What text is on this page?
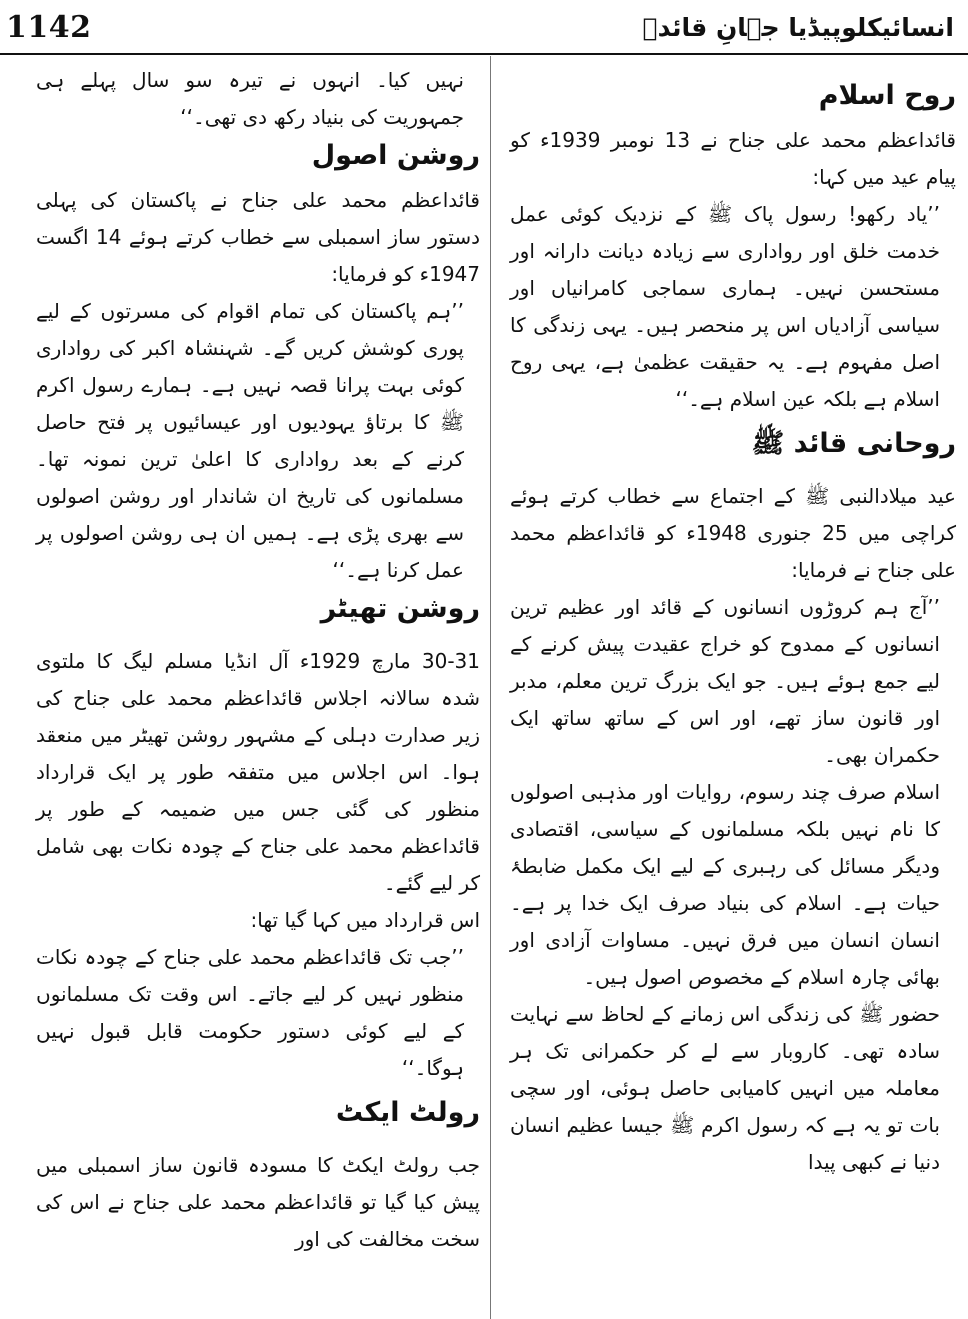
1142	انسائیکلوپیڈیا جہانِ قائدؒ
روح اسلام

قائداعظم محمد علی جناح نے 13 نومبر 1939ء کو پیام عید میں کہا:

’’یاد رکھو! رسول پاک ﷺ کے نزدیک کوئی عمل خدمت خلق اور رواداری سے زیادہ دیانت دارانہ اور مستحسن نہیں۔ ہماری سماجی کامرانیاں اور سیاسی آزادیاں اس پر منحصر ہیں۔ یہی زندگی کا اصل مفہوم ہے۔ یہ حقیقت عظمیٰ ہے، یہی روح اسلام ہے بلکہ عین اسلام ہے۔‘‘

روحانی قائد ﷺ

عید میلادالنبی ﷺ کے اجتماع سے خطاب کرتے ہوئے کراچی میں 25 جنوری 1948ء کو قائداعظم محمد علی جناح نے فرمایا:

’’آج ہم کروڑوں انسانوں کے قائد اور عظیم ترین انسانوں کے ممدوح کو خراج عقیدت پیش کرنے کے لیے جمع ہوئے ہیں۔ جو ایک بزرگ ترین معلم، مدبر اور قانون ساز تھے، اور اس کے ساتھ ساتھ ایک حکمران بھی۔

اسلام صرف چند رسوم، روایات اور مذہبی اصولوں کا نام نہیں بلکہ مسلمانوں کے سیاسی، اقتصادی ودیگر مسائل کی رہبری کے لیے ایک مکمل ضابطۂ حیات ہے۔ اسلام کی بنیاد صرف ایک خدا پر ہے۔ انسان انسان میں فرق نہیں۔ مساوات آزادی اور بھائی چارہ اسلام کے مخصوص اصول ہیں۔

حضور ﷺ کی زندگی اس زمانے کے لحاظ سے نہایت سادہ تھی۔ کاروبار سے لے کر حکمرانی تک ہر معاملہ میں انہیں کامیابی حاصل ہوئی، اور سچی بات تو یہ ہے کہ رسول اکرم ﷺ جیسا عظیم انسان دنیا نے کبھی پیدا

نہیں کیا۔ انہوں نے تیرہ سو سال پہلے ہی جمہوریت کی بنیاد رکھ دی تھی۔‘‘

روشن اصول

قائداعظم محمد علی جناح نے پاکستان کی پہلی دستور ساز اسمبلی سے خطاب کرتے ہوئے 14 اگست 1947ء کو فرمایا:

’’ہم پاکستان کی تمام اقوام کی مسرتوں کے لیے پوری کوشش کریں گے۔ شہنشاہ اکبر کی رواداری کوئی بہت پرانا قصہ نہیں ہے۔ ہمارے رسول اکرم ﷺ کا برتاؤ یہودیوں اور عیسائیوں پر فتح حاصل کرنے کے بعد رواداری کا اعلیٰ ترین نمونہ تھا۔ مسلمانوں کی تاریخ ان شاندار اور روشن اصولوں سے بھری پڑی ہے۔ ہمیں ان ہی روشن اصولوں پر عمل کرنا ہے۔‘‘

روشن تھیٹر

30-31 مارچ 1929ء آل انڈیا مسلم لیگ کا ملتوی شدہ سالانہ اجلاس قائداعظم محمد علی جناح کی زیر صدارت دہلی کے مشہور روشن تھیٹر میں منعقد ہوا۔ اس اجلاس میں متفقہ طور پر ایک قرارداد منظور کی گئی جس میں ضمیمہ کے طور پر قائداعظم محمد علی جناح کے چودہ نکات بھی شامل کر لیے گئے۔

اس قرارداد میں کہا گیا تھا:

’’جب تک قائداعظم محمد علی جناح کے چودہ نکات منظور نہیں کر لیے جاتے۔ اس وقت تک مسلمانوں کے لیے کوئی دستور حکومت قابل قبول نہیں ہوگا۔‘‘

رولٹ ایکٹ

جب رولٹ ایکٹ کا مسودہ قانون ساز اسمبلی میں پیش کیا گیا تو قائداعظم محمد علی جناح نے اس کی سخت مخالفت کی اور
